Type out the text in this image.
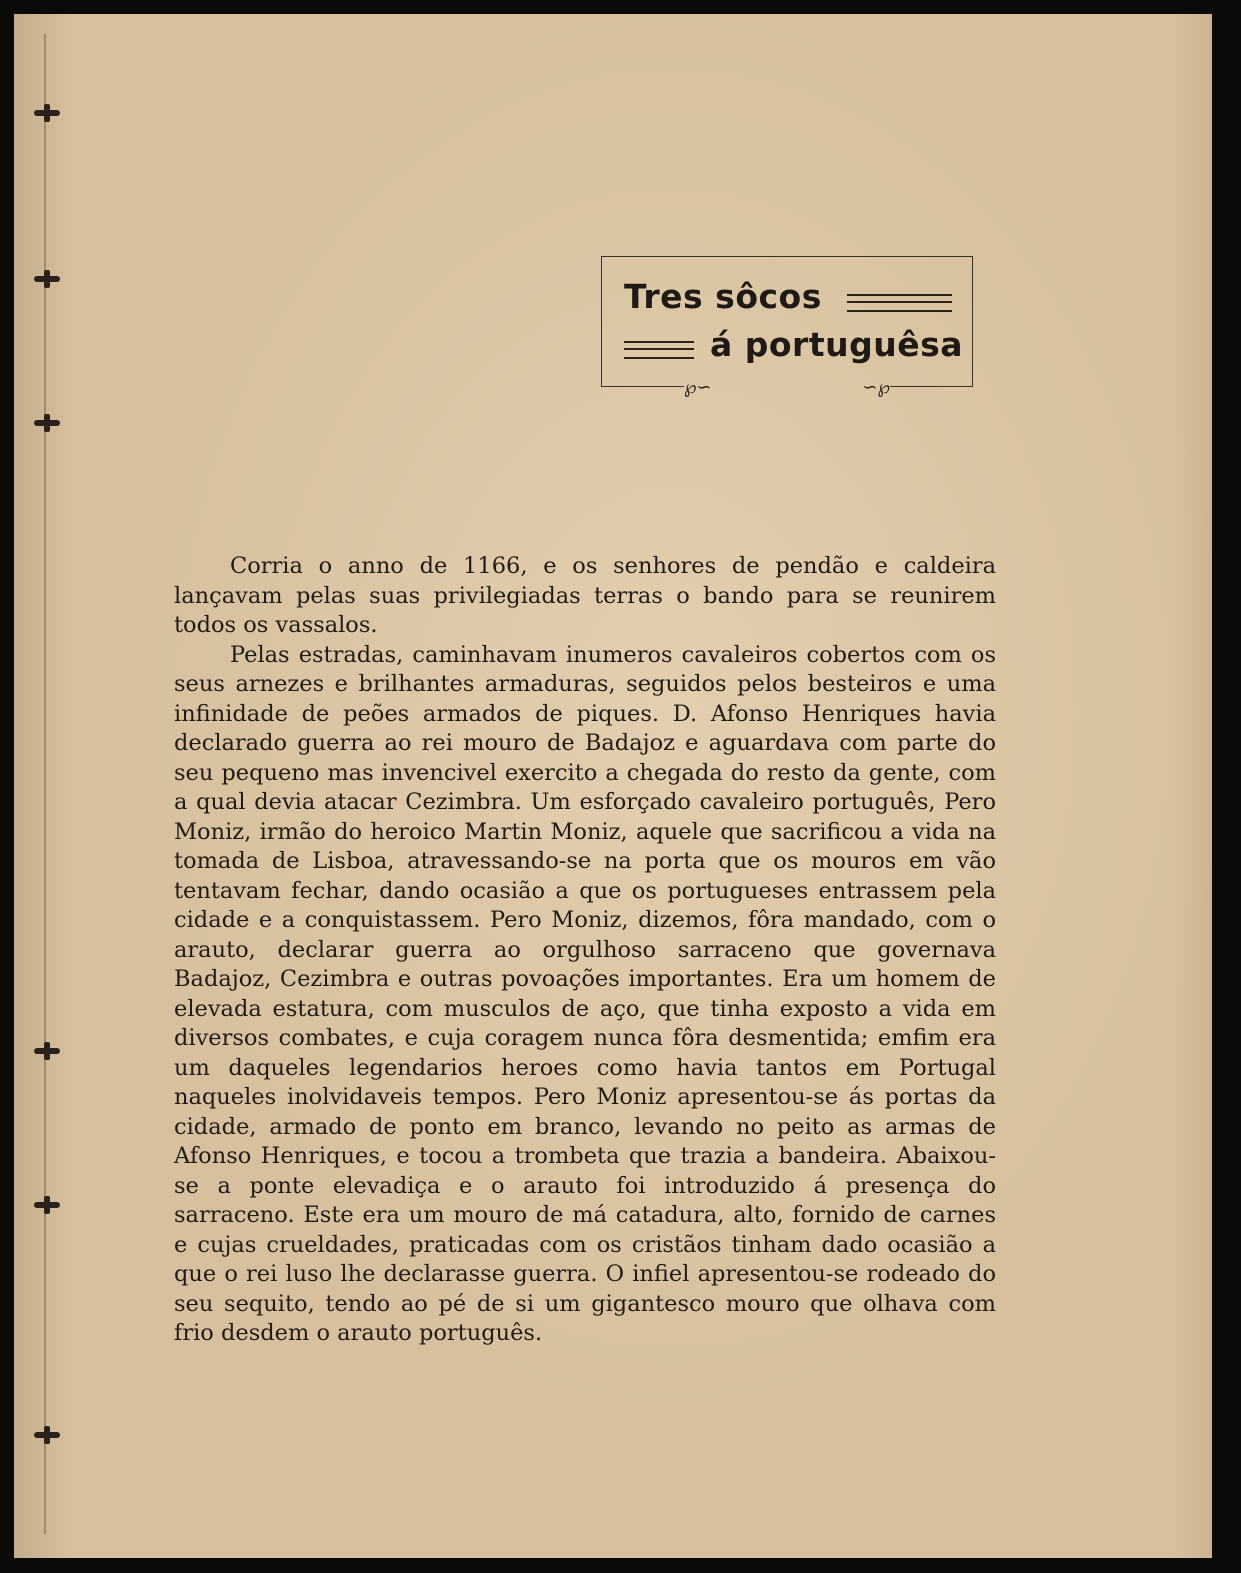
Tres sôcos
á portuguêsa
℘∽	∽℘

Corria o anno de 1166, e os senhores de pendão e caldeira lançavam pelas suas privilegiadas terras o bando para se reunirem todos os vassalos.

Pelas estradas, caminhavam inumeros cavaleiros cobertos com os seus arnezes e brilhantes armaduras, seguidos pelos besteiros e uma infinidade de peões armados de piques. D. Afonso Henriques havia declarado guerra ao rei mouro de Badajoz e aguardava com parte do seu pequeno mas invencivel exercito a chegada do resto da gente, com a qual devia atacar Cezimbra. Um esforçado cavaleiro português, Pero Moniz, irmão do heroico Martin Moniz, aquele que sacrificou a vida na tomada de Lisboa, atravessando-se na porta que os mouros em vão tentavam fechar, dando ocasião a que os portugueses entrassem pela cidade e a conquistassem. Pero Moniz, dizemos, fôra mandado, com o arauto, declarar guerra ao orgulhoso sarraceno que governava Badajoz, Cezimbra e outras povoações importantes. Era um homem de elevada estatura, com musculos de aço, que tinha exposto a vida em diversos combates, e cuja coragem nunca fôra desmentida; emfim era um daqueles legendarios heroes como havia tantos em Portugal naqueles inolvidaveis tempos. Pero Moniz apresentou-se ás portas da cidade, armado de ponto em branco, levando no peito as armas de Afonso Henriques, e tocou a trombeta que trazia a bandeira. Abaixou-se a ponte elevadiça e o arauto foi introduzido á presença do sarraceno. Este era um mouro de má catadura, alto, fornido de carnes e cujas crueldades, praticadas com os cristãos tinham dado ocasião a que o rei luso lhe declarasse guerra. O infiel apresentou-se rodeado do seu sequito, tendo ao pé de si um gigantesco mouro que olhava com frio desdem o arauto português.
